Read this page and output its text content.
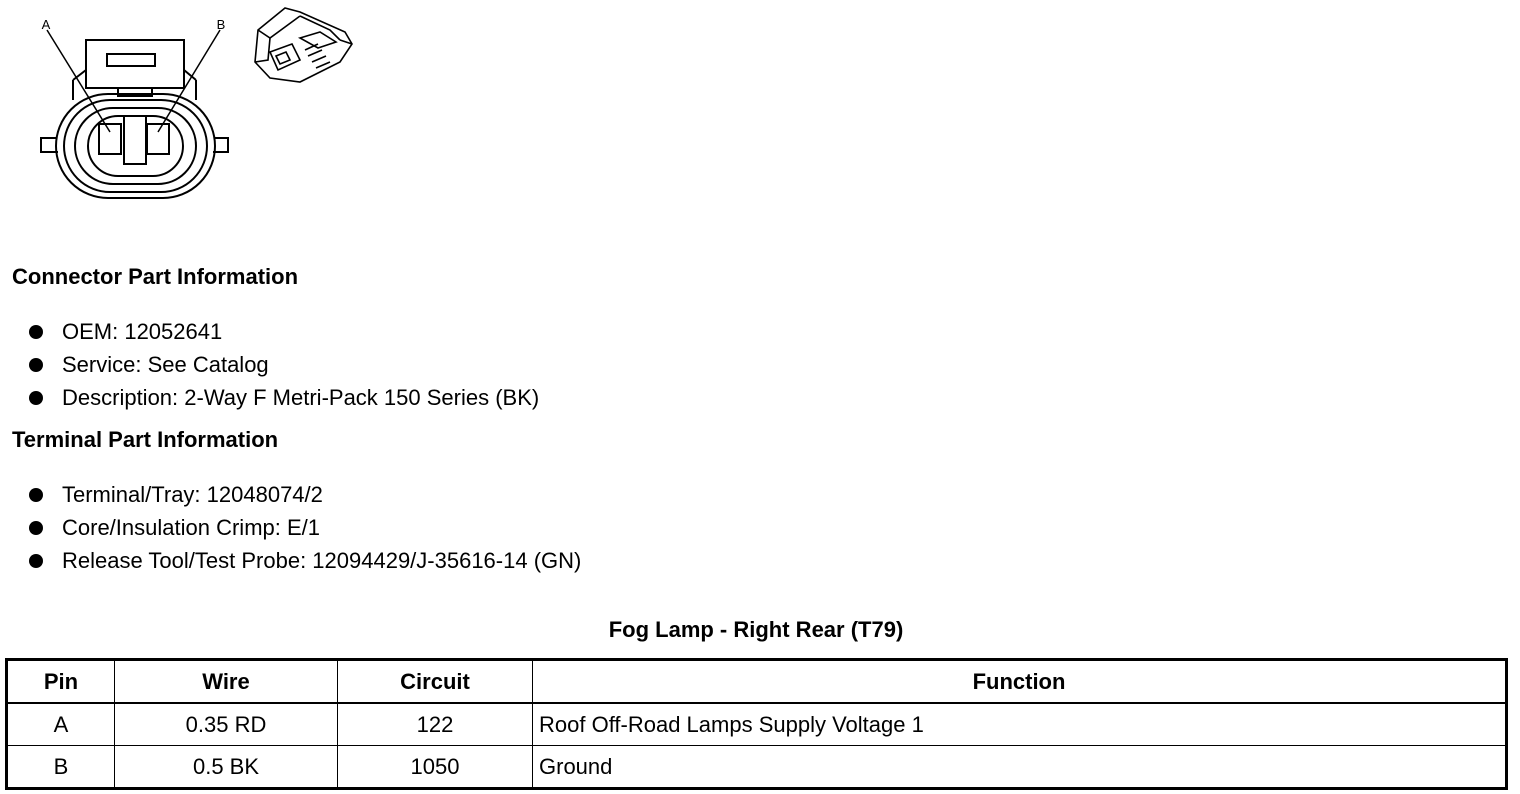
A	B
Connector Part Information
OEM: 12052641
Service: See Catalog
Description: 2-Way F Metri-Pack 150 Series (BK)
Terminal Part Information
Terminal/Tray: 12048074/2
Core/Insulation Crimp: E/1
Release Tool/Test Probe: 12094429/J-35616-14 (GN)
Fog Lamp - Right Rear (T79)
Pin	Wire	Circuit	Function
A	0.35 RD	122	Roof Off-Road Lamps Supply Voltage 1
B	0.5 BK	1050	Ground
